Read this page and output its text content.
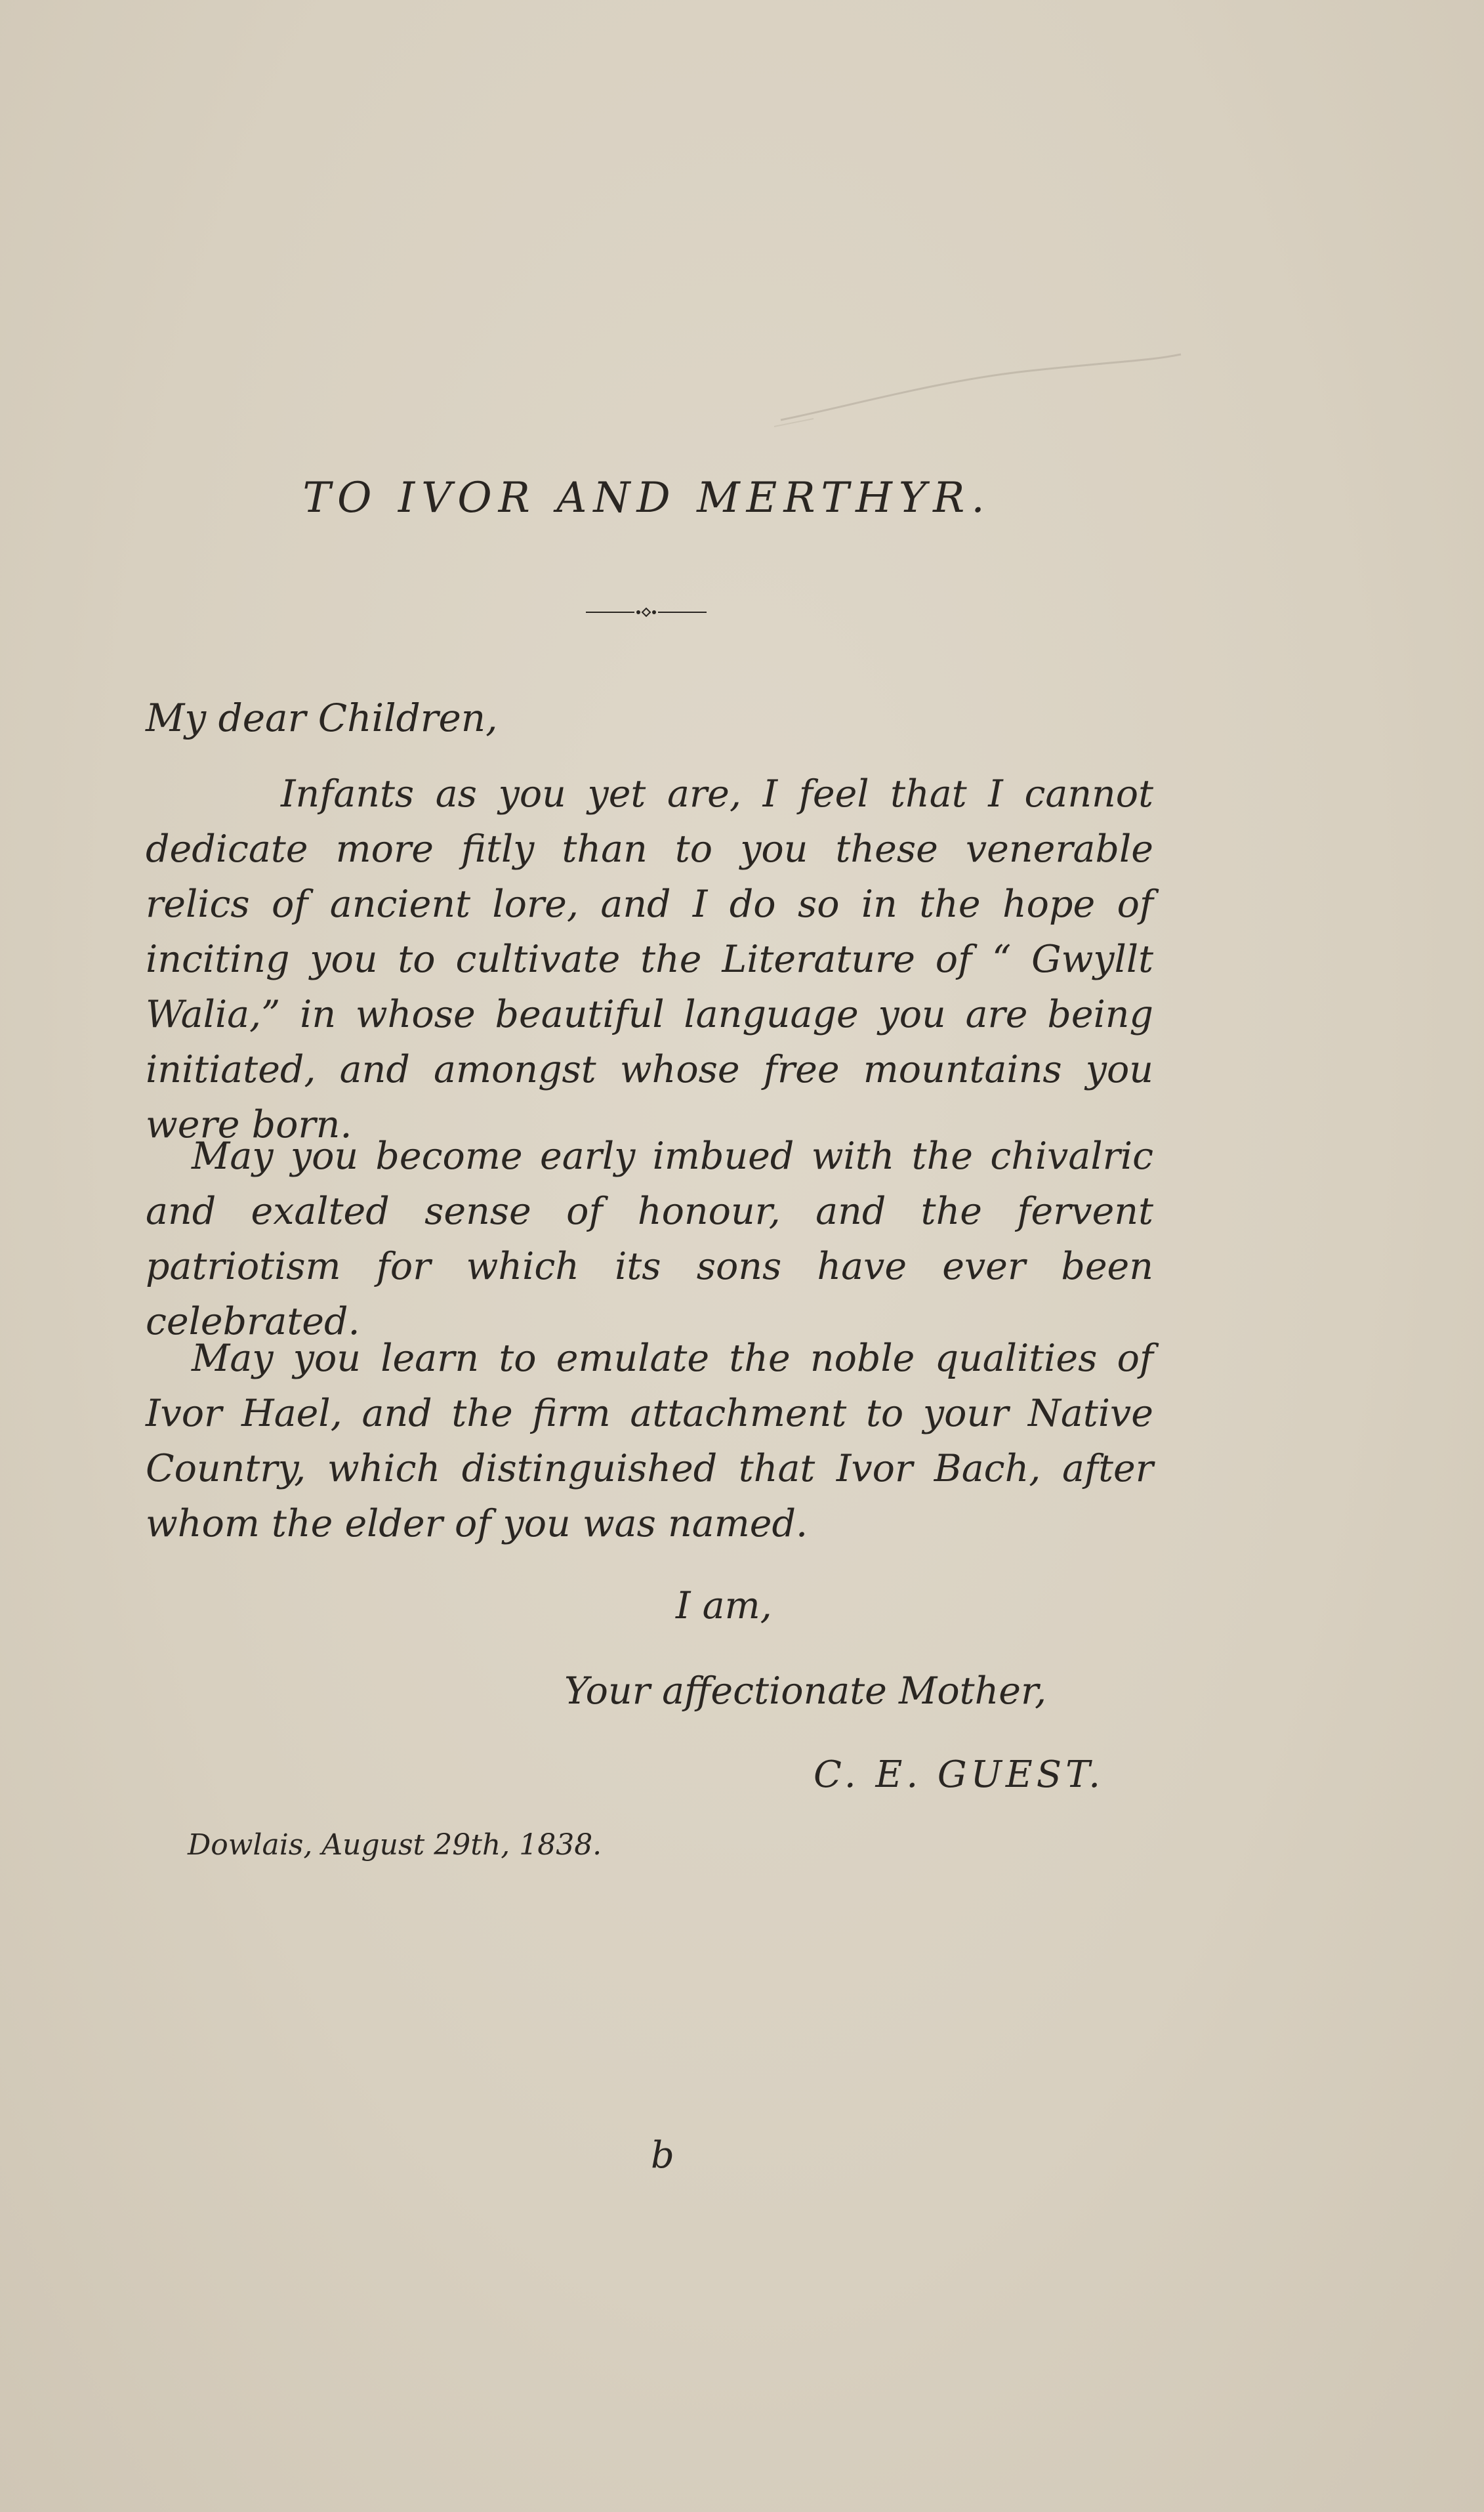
TO IVOR AND MERTHYR.
My dear Children,

Infants as you yet are, I feel that I cannot dedicate more fitly than to you these venerable relics of ancient lore, and I do so in the hope of inciting you to cultivate the Literature of “ Gwyllt Walia,” in whose beautiful language you are being initiated, and amongst whose free mountains you were born.

May you become early imbued with the chivalric and exalted sense of honour, and the fervent patriotism for which its sons have ever been celebrated.

May you learn to emulate the noble qualities of Ivor Hael, and the firm attachment to your Native Country, which distinguished that Ivor Bach, after whom the elder of you was named.

I am,
Your affectionate Mother,
C. E. GUEST.
Dowlais, August 29th, 1838.
b
